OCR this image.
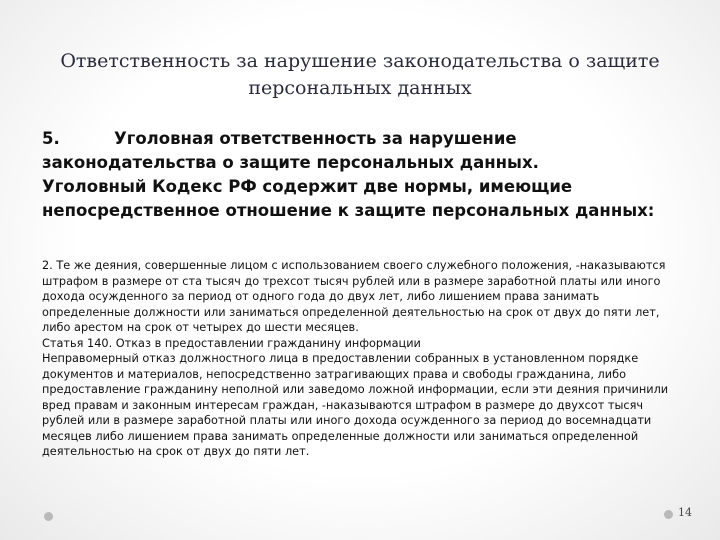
Ответственность за нарушение законодательства о защите персональных данных

5.	Уголовная ответственность за нарушение законодательства о защите персональных данных.

Уголовный Кодекс РФ содержит две нормы, имеющие непосредственное отношение к защите персональных данных:

2. Те же деяния, совершенные лицом с использованием своего служебного положения, -наказываются штрафом в размере от ста тысяч до трехсот тысяч рублей или в размере заработной платы или иного дохода осужденного за период от одного года до двух лет, либо лишением права занимать определенные должности или заниматься определенной деятельностью на срок от двух до пяти лет, либо арестом на срок от четырех до шести месяцев.

Статья 140. Отказ в предоставлении гражданину информации

Неправомерный отказ должностного лица в предоставлении собранных в установленном порядке документов и материалов, непосредственно затрагивающих права и свободы гражданина, либо предоставление гражданину неполной или заведомо ложной информации, если эти деяния причинили вред правам и законным интересам граждан, -наказываются штрафом в размере до двухсот тысяч рублей или в размере заработной платы или иного дохода осужденного за период до восемнадцати месяцев либо лишением права занимать определенные должности или заниматься определенной деятельностью на срок от двух до пяти лет.

14
